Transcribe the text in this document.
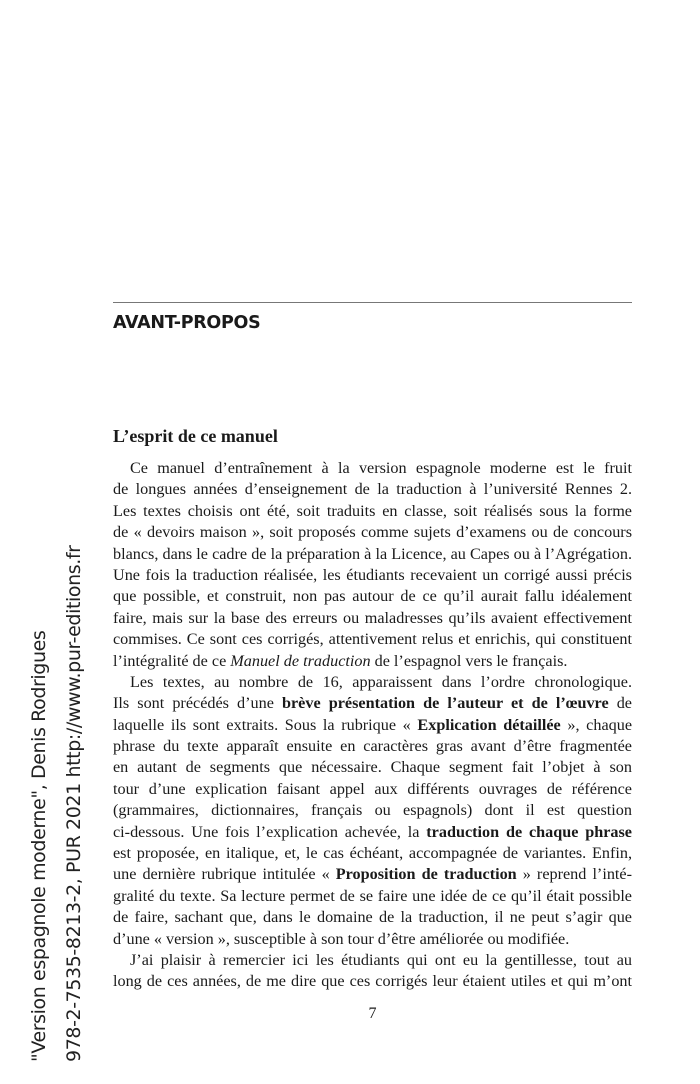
"Version espagnole moderne", Denis Rodrigues 978-2-7535-8213-2, PUR 2021 http://www.pur-editions.fr
AVANT-PROPOS
L’esprit de ce manuel
Ce manuel d’entraînement à la version espagnole moderne est le fruit
de longues années d’enseignement de la traduction à l’université Rennes 2.
Les textes choisis ont été, soit traduits en classe, soit réalisés sous la forme
de « devoirs maison », soit proposés comme sujets d’examens ou de concours
blancs, dans le cadre de la préparation à la Licence, au Capes ou à l’Agrégation.
Une fois la traduction réalisée, les étudiants recevaient un corrigé aussi précis
que possible, et construit, non pas autour de ce qu’il aurait fallu idéalement
faire, mais sur la base des erreurs ou maladresses qu’ils avaient effectivement
commises. Ce sont ces corrigés, attentivement relus et enrichis, qui constituent
l’intégralité de ce Manuel de traduction de l’espagnol vers le français.
Les textes, au nombre de 16, apparaissent dans l’ordre chronologique.
Ils sont précédés d’une brève présentation de l’auteur et de l’œuvre de
laquelle ils sont extraits. Sous la rubrique « Explication détaillée », chaque
phrase du texte apparaît ensuite en caractères gras avant d’être fragmentée
en autant de segments que nécessaire. Chaque segment fait l’objet à son
tour d’une explication faisant appel aux différents ouvrages de référence
(grammaires, dictionnaires, français ou espagnols) dont il est question
ci-dessous. Une fois l’explication achevée, la traduction de chaque phrase
est proposée, en italique, et, le cas échéant, accompagnée de variantes. Enfin,
une dernière rubrique intitulée « Proposition de traduction » reprend l’inté-
gralité du texte. Sa lecture permet de se faire une idée de ce qu’il était possible
de faire, sachant que, dans le domaine de la traduction, il ne peut s’agir que
d’une « version », susceptible à son tour d’être améliorée ou modifiée.
J’ai plaisir à remercier ici les étudiants qui ont eu la gentillesse, tout au
long de ces années, de me dire que ces corrigés leur étaient utiles et qui m’ont
7
